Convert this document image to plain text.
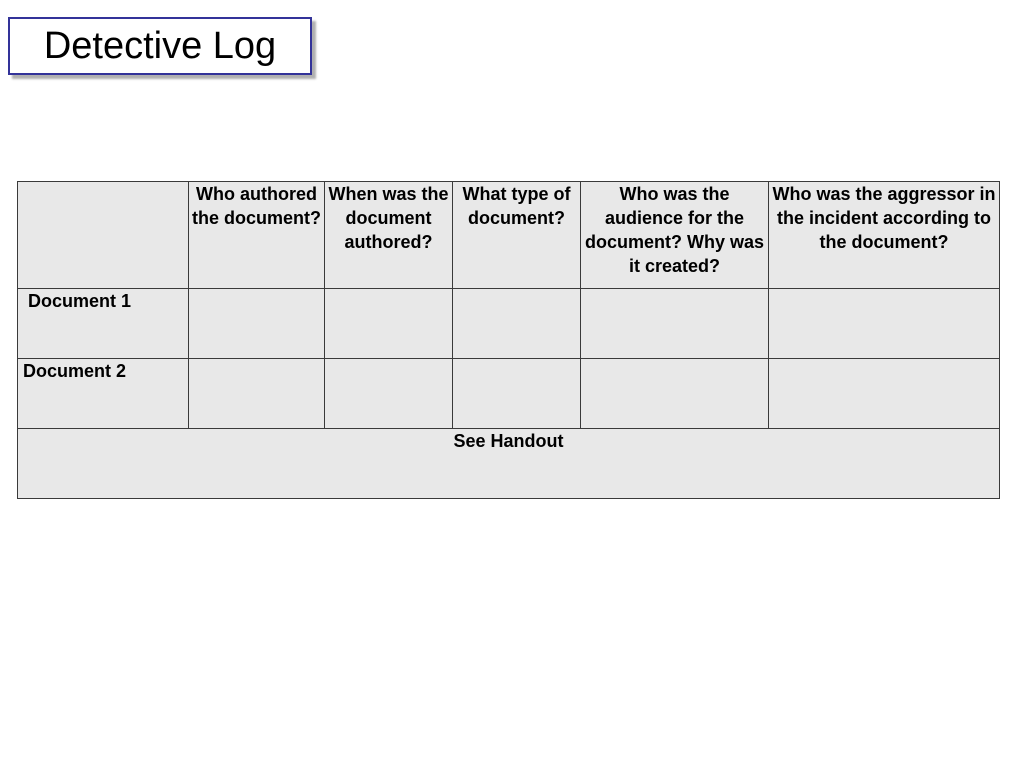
Detective Log
	Who authored the document?	When was the document authored?	What type of document?	Who was the audience for the document? Why was it created?	Who was the aggressor in the incident according to the document?

Document 1					

Document 2					

See Handout					
